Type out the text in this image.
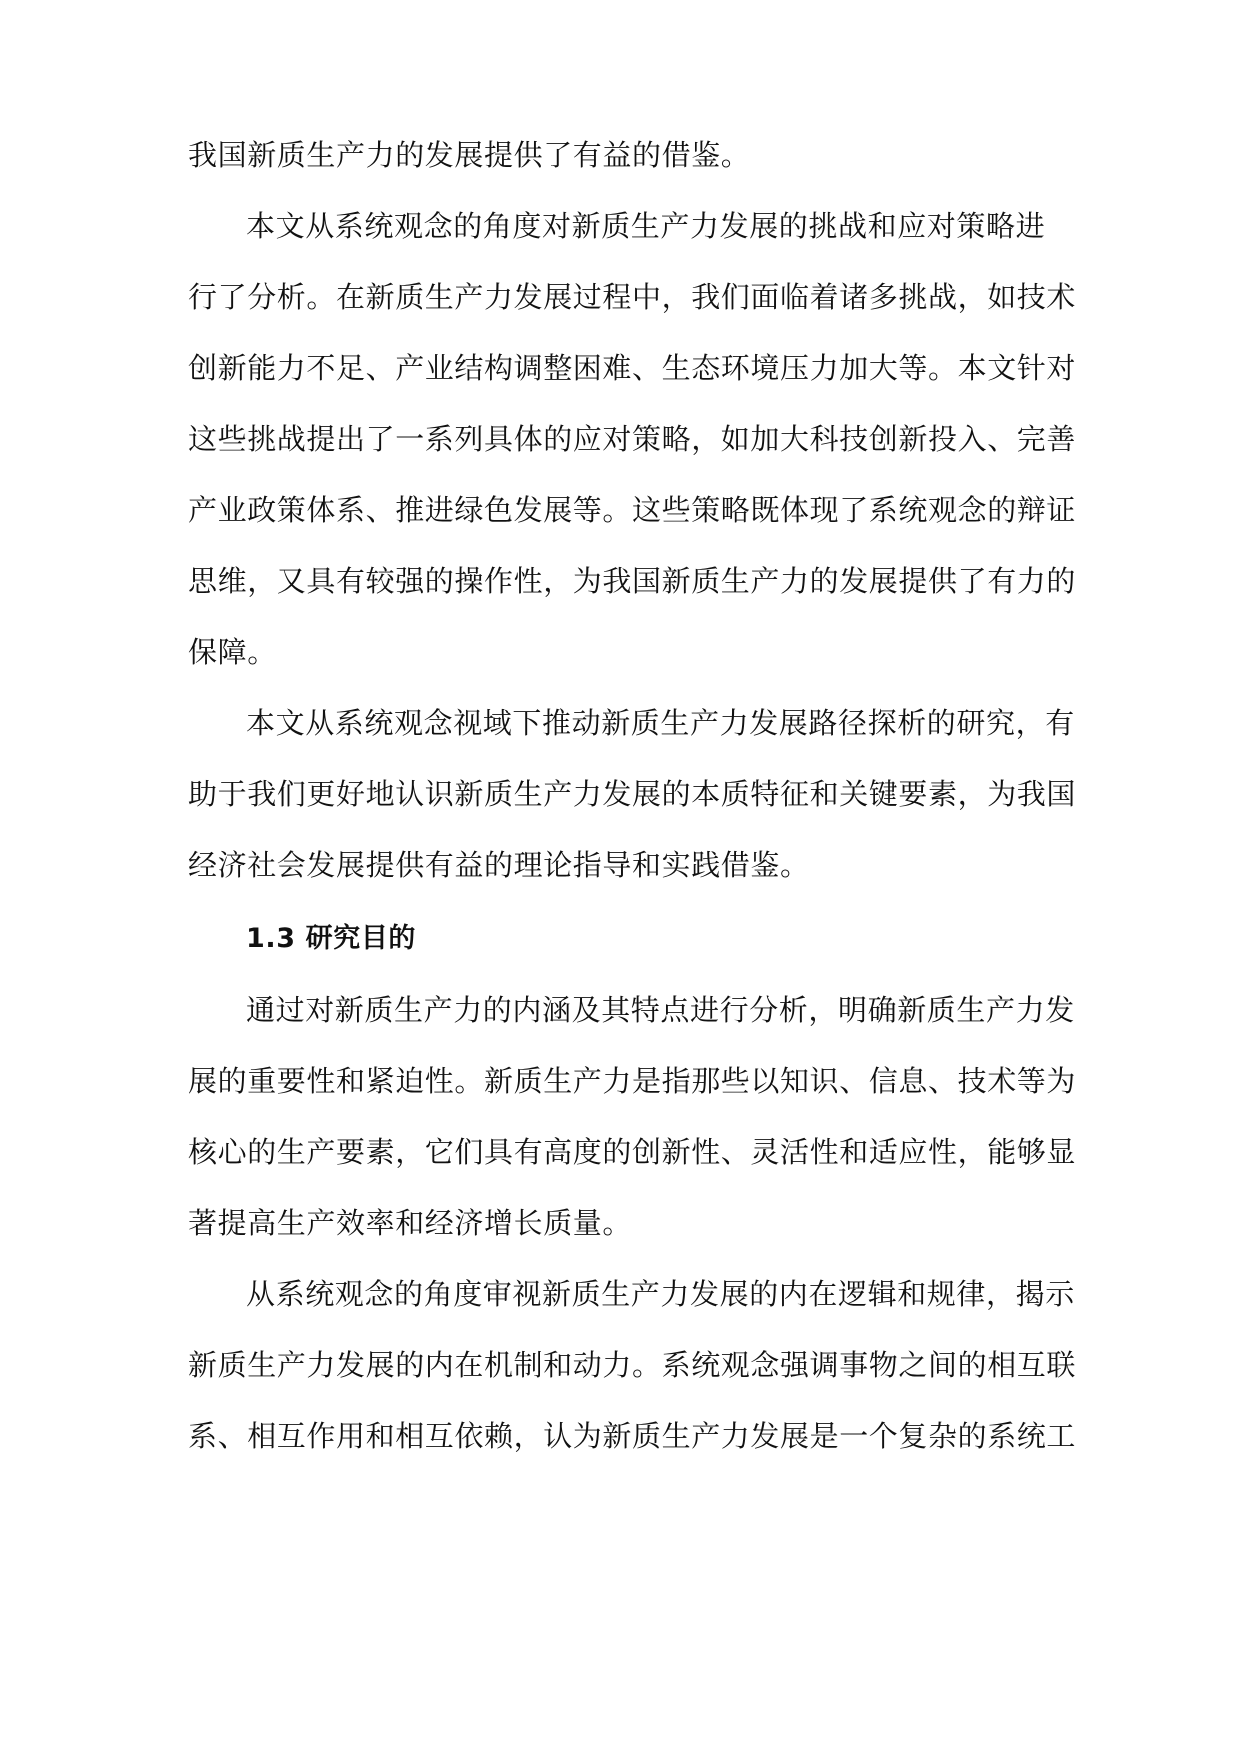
我国新质生产力的发展提供了有益的借鉴。
本文从系统观念的角度对新质生产力发展的挑战和应对策略进
行了分析。在新质生产力发展过程中，我们面临着诸多挑战，如技术
创新能力不足、产业结构调整困难、生态环境压力加大等。本文针对
这些挑战提出了一系列具体的应对策略，如加大科技创新投入、完善
产业政策体系、推进绿色发展等。这些策略既体现了系统观念的辩证
思维，又具有较强的操作性，为我国新质生产力的发展提供了有力的
保障。
本文从系统观念视域下推动新质生产力发展路径探析的研究，有
助于我们更好地认识新质生产力发展的本质特征和关键要素，为我国
经济社会发展提供有益的理论指导和实践借鉴。
1.3 研究目的
通过对新质生产力的内涵及其特点进行分析，明确新质生产力发
展的重要性和紧迫性。新质生产力是指那些以知识、信息、技术等为
核心的生产要素，它们具有高度的创新性、灵活性和适应性，能够显
著提高生产效率和经济增长质量。
从系统观念的角度审视新质生产力发展的内在逻辑和规律，揭示
新质生产力发展的内在机制和动力。系统观念强调事物之间的相互联
系、相互作用和相互依赖，认为新质生产力发展是一个复杂的系统工
